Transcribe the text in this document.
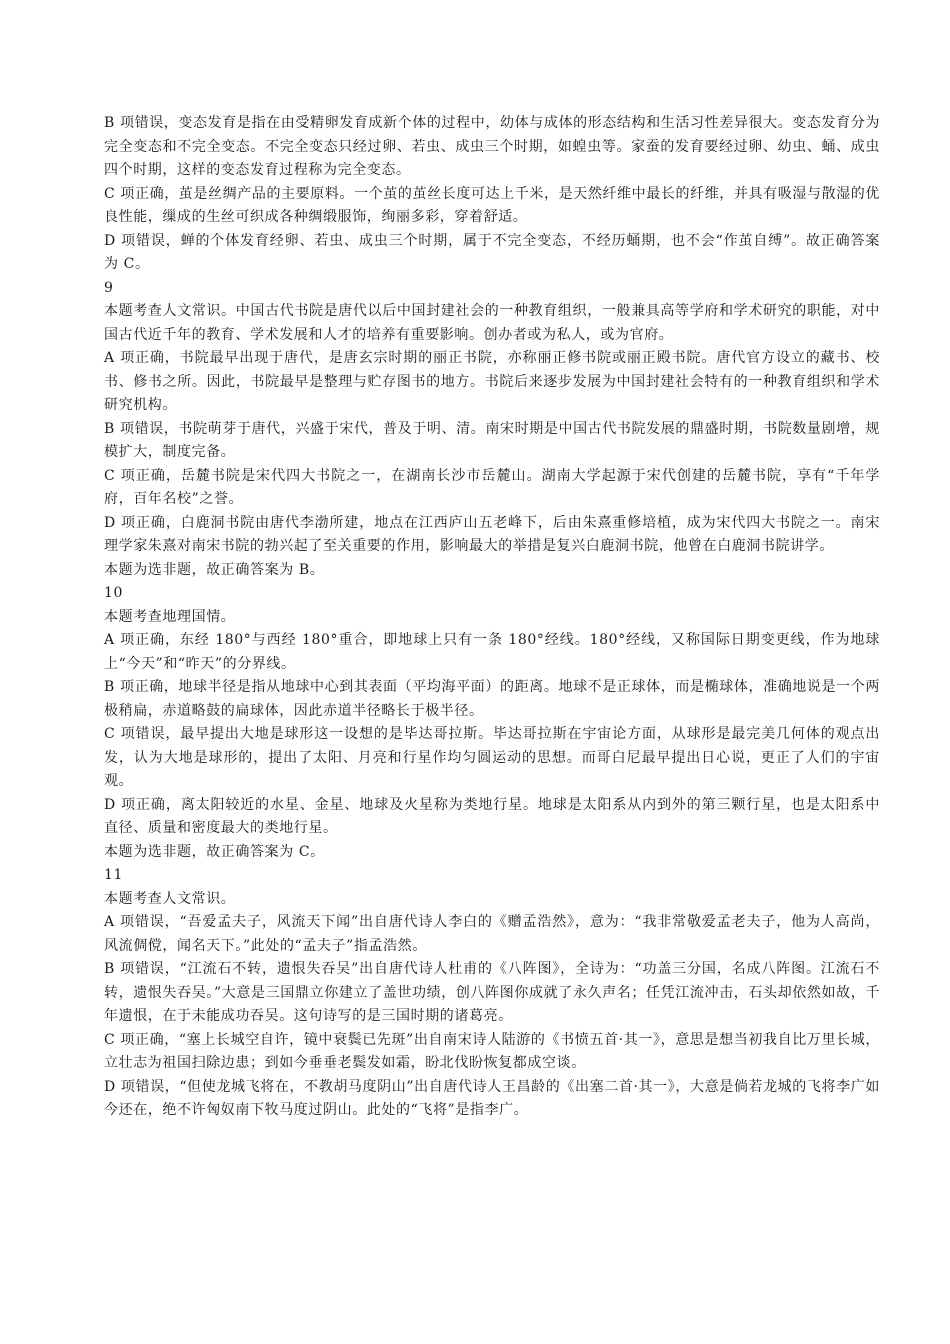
B 项错误，变态发育是指在由受精卵发育成新个体的过程中，幼体与成体的形态结构和生活习性差异很大。变态发育分为完全变态和不完全变态。不完全变态只经过卵、若虫、成虫三个时期，如蝗虫等。家蚕的发育要经过卵、幼虫、蛹、成虫四个时期，这样的变态发育过程称为完全变态。

C 项正确，茧是丝绸产品的主要原料。一个茧的茧丝长度可达上千米，是天然纤维中最长的纤维，并具有吸湿与散湿的优良性能，缫成的生丝可织成各种绸缎服饰，绚丽多彩，穿着舒适。

D 项错误，蝉的个体发育经卵、若虫、成虫三个时期，属于不完全变态，不经历蛹期，也不会“作茧自缚”。故正确答案为 C。

9

本题考查人文常识。中国古代书院是唐代以后中国封建社会的一种教育组织，一般兼具高等学府和学术研究的职能，对中国古代近千年的教育、学术发展和人才的培养有重要影响。创办者或为私人，或为官府。

A 项正确，书院最早出现于唐代，是唐玄宗时期的丽正书院，亦称丽正修书院或丽正殿书院。唐代官方设立的藏书、校书、修书之所。因此，书院最早是整理与贮存图书的地方。书院后来逐步发展为中国封建社会特有的一种教育组织和学术研究机构。

B 项错误，书院萌芽于唐代，兴盛于宋代，普及于明、清。南宋时期是中国古代书院发展的鼎盛时期，书院数量剧增，规模扩大，制度完备。

C 项正确，岳麓书院是宋代四大书院之一，在湖南长沙市岳麓山。湖南大学起源于宋代创建的岳麓书院，享有“千年学府，百年名校”之誉。

D 项正确，白鹿洞书院由唐代李渤所建，地点在江西庐山五老峰下，后由朱熹重修培植，成为宋代四大书院之一。南宋理学家朱熹对南宋书院的勃兴起了至关重要的作用，影响最大的举措是复兴白鹿洞书院，他曾在白鹿洞书院讲学。

本题为选非题，故正确答案为 B。

10

本题考查地理国情。

A 项正确，东经 180°与西经 180°重合，即地球上只有一条 180°经线。180°经线，又称国际日期变更线，作为地球上“今天”和“昨天”的分界线。

B 项正确，地球半径是指从地球中心到其表面（平均海平面）的距离。地球不是正球体，而是椭球体，准确地说是一个两极稍扁，赤道略鼓的扁球体，因此赤道半径略长于极半径。

C 项错误，最早提出大地是球形这一设想的是毕达哥拉斯。毕达哥拉斯在宇宙论方面，从球形是最完美几何体的观点出发，认为大地是球形的，提出了太阳、月亮和行星作均匀圆运动的思想。而哥白尼最早提出日心说，更正了人们的宇宙观。

D 项正确，离太阳较近的水星、金星、地球及火星称为类地行星。地球是太阳系从内到外的第三颗行星，也是太阳系中直径、质量和密度最大的类地行星。

本题为选非题，故正确答案为 C。

11

本题考查人文常识。

A 项错误，“吾爱孟夫子，风流天下闻”出自唐代诗人李白的《赠孟浩然》，意为：“我非常敬爱孟老夫子，他为人高尚，风流倜傥，闻名天下。”此处的“孟夫子”指孟浩然。

B 项错误，“江流石不转，遗恨失吞吴”出自唐代诗人杜甫的《八阵图》，全诗为：“功盖三分国，名成八阵图。江流石不转，遗恨失吞吴。”大意是三国鼎立你建立了盖世功绩，创八阵图你成就了永久声名；任凭江流冲击，石头却依然如故，千年遗恨，在于未能成功吞吴。这句诗写的是三国时期的诸葛亮。

C 项正确，“塞上长城空自许，镜中衰鬓已先斑”出自南宋诗人陆游的《书愤五首·其一》，意思是想当初我自比万里长城，立壮志为祖国扫除边患；到如今垂垂老鬓发如霜，盼北伐盼恢复都成空谈。

D 项错误，“但使龙城飞将在，不教胡马度阴山”出自唐代诗人王昌龄的《出塞二首·其一》，大意是倘若龙城的飞将李广如今还在，绝不许匈奴南下牧马度过阴山。此处的“飞将”是指李广。
